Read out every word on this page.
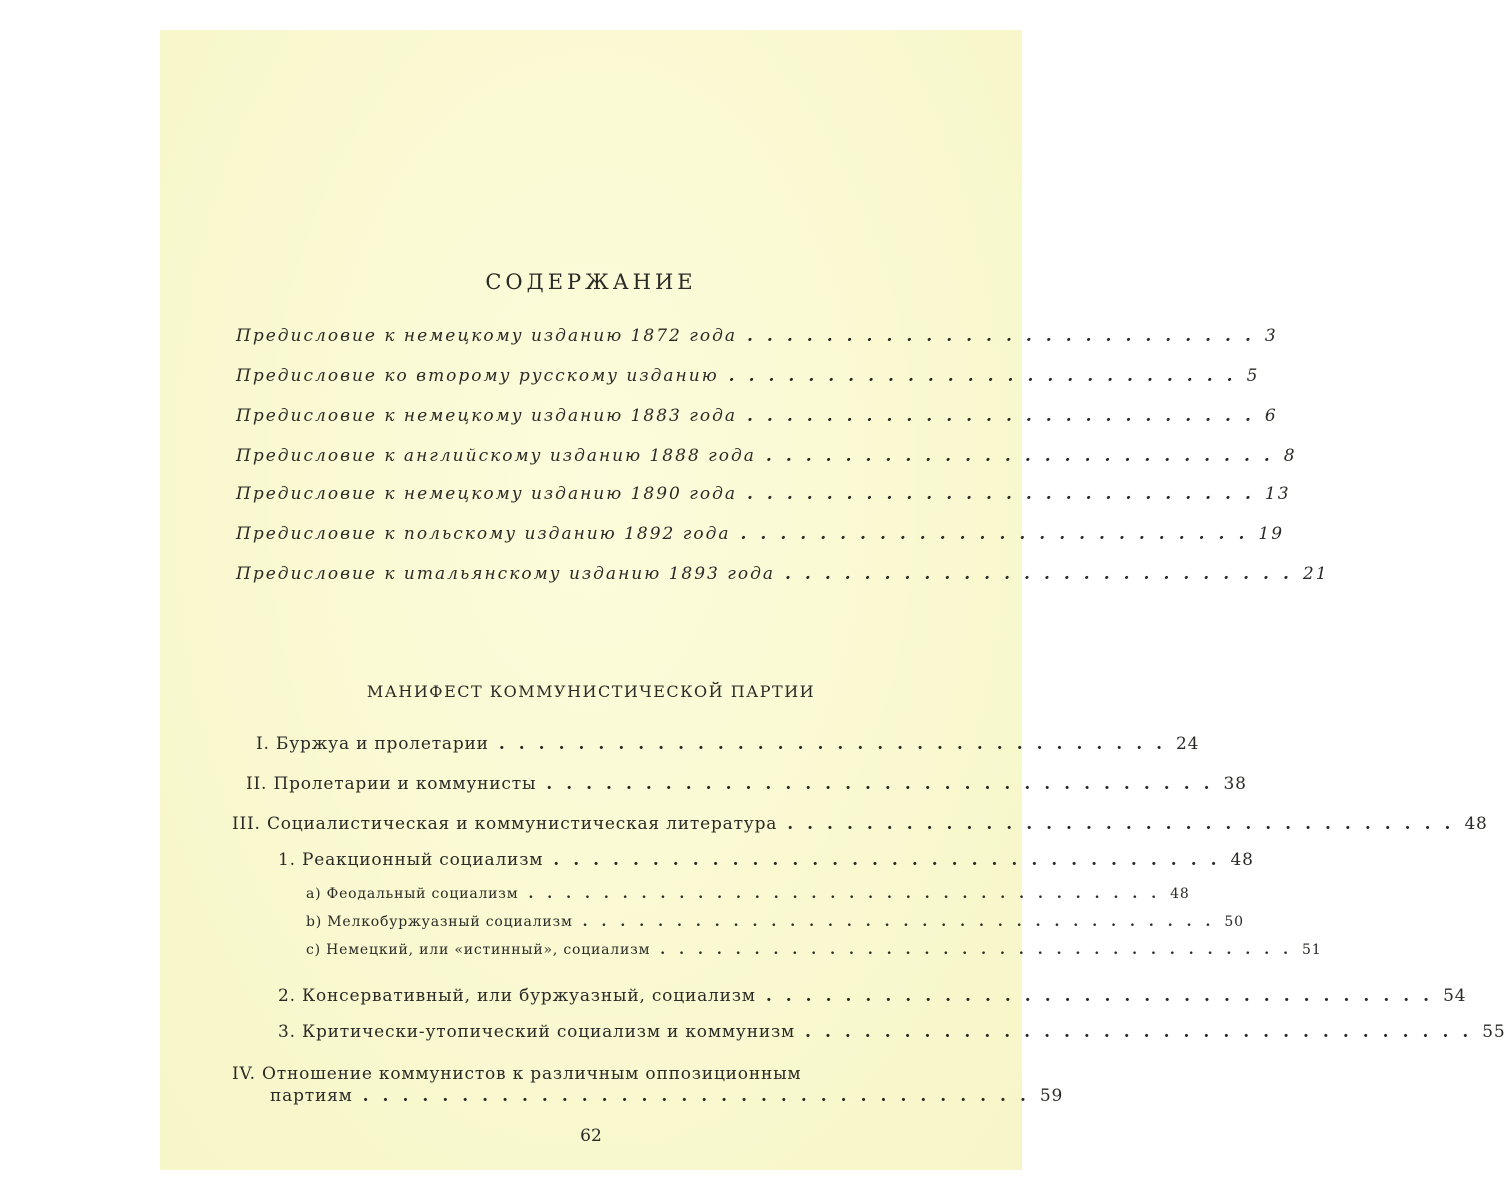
СОДЕРЖАНИЕ
Предисловие к немецкому изданию 1872 года .......................... 3
Предисловие ко второму русскому изданию .......................... 5
Предисловие к немецкому изданию 1883 года .......................... 6
Предисловие к английскому изданию 1888 года .......................... 8
Предисловие к немецкому изданию 1890 года .......................... 13
Предисловие к польскому изданию 1892 года .......................... 19
Предисловие к итальянскому изданию 1893 года .......................... 21
МАНИФЕСТ КОММУНИСТИЧЕСКОЙ ПАРТИИ
I. Буржуа и пролетарии .................................. 24
II. Пролетарии и коммунисты .................................. 38
III. Социалистическая и коммунистическая литература .................................. 48
1. Реакционный социализм .................................. 48
а) Феодальный социализм .................................. 48
b) Мелкобуржуазный социализм .................................. 50
c) Немецкий, или «истинный», социализм .................................. 51
2. Консервативный, или буржуазный, социализм .................................. 54
3. Критически-утопический социализм и коммунизм .................................. 55
IV. Отношение коммунистов к различным оппозиционным
партиям .................................. 59
62
